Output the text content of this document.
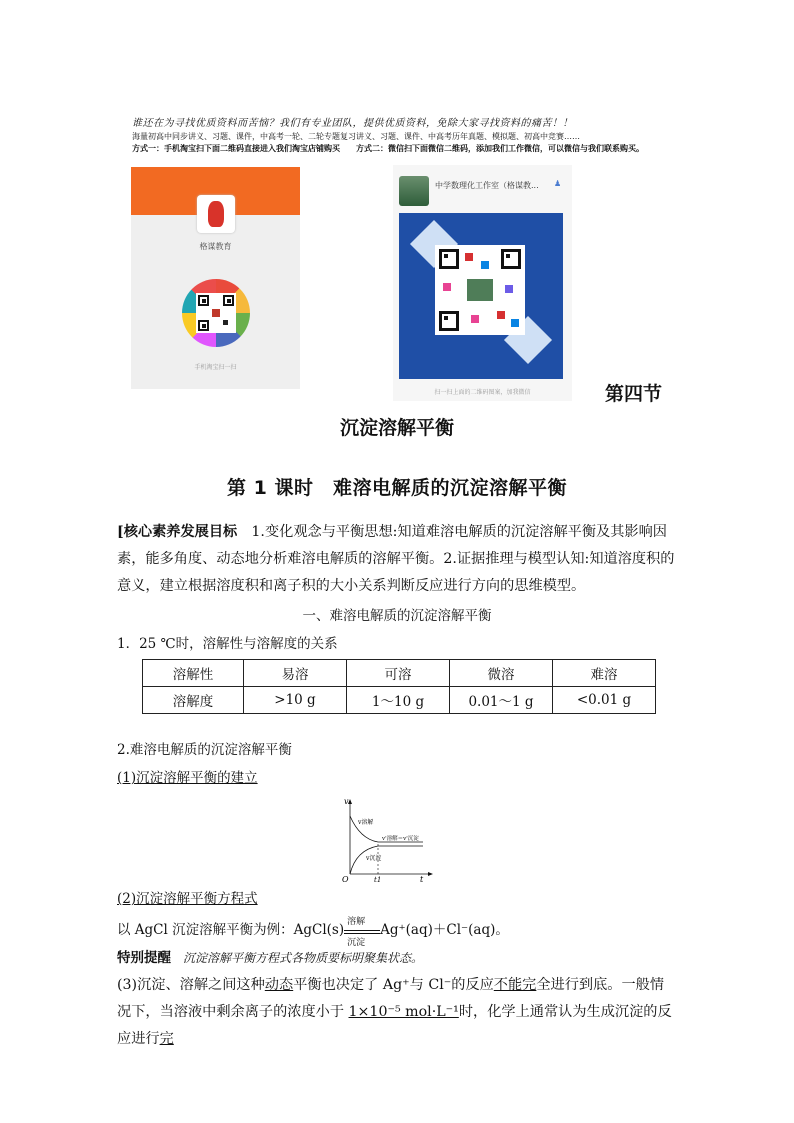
谁还在为寻找优质资料而苦恼？我们有专业团队，提供优质资料，免除大家寻找资料的痛苦！！
海量初高中同步讲义、习题、课件，中高考一轮、二轮专题复习讲义、习题、课件、中高考历年真题、模拟题、初高中竞赛……
方式一：手机淘宝扫下面二维码直接进入我们淘宝店铺购买　　方式二：微信扫下面微信二维码，添加我们工作微信，可以微信与我们联系购买。
格谋教育
手机淘宝扫一扫
中学数理化工作室（格谋教... ♟
扫一扫上面的二维码图案，加我微信	第四节
沉淀溶解平衡
第 1 课时　难溶电解质的沉淀溶解平衡
[核心素养发展目标　1.变化观念与平衡思想:知道难溶电解质的沉淀溶解平衡及其影响因素，能多角度、动态地分析难溶电解质的溶解平衡。2.证据推理与模型认知:知道溶度积的意义，建立根据溶度积和离子积的大小关系判断反应进行方向的思维模型。
一、难溶电解质的沉淀溶解平衡
1．25 ℃时，溶解性与溶解度的关系
溶解性	易溶	可溶	微溶	难溶
溶解度	>10 g	1～10 g	0.01～1 g	<0.01 g
2.难溶电解质的沉淀溶解平衡
(1)沉淀溶解平衡的建立
v
t
O	t1
v溶解
v沉淀
v'溶解＝v'沉淀
(2)沉淀溶解平衡方程式
以 AgCl 沉淀溶解平衡为例：AgCl(s)
溶解
沉淀
Ag⁺(aq)＋Cl⁻(aq)。
特别提醒　沉淀溶解平衡方程式各物质要标明聚集状态。
(3)沉淀、溶解之间这种动态平衡也决定了 Ag⁺与 Cl⁻的反应不能完全进行到底。一般情况下，当溶液中剩余离子的浓度小于 1×10⁻⁵ mol·L⁻¹时，化学上通常认为生成沉淀的反应进行完
